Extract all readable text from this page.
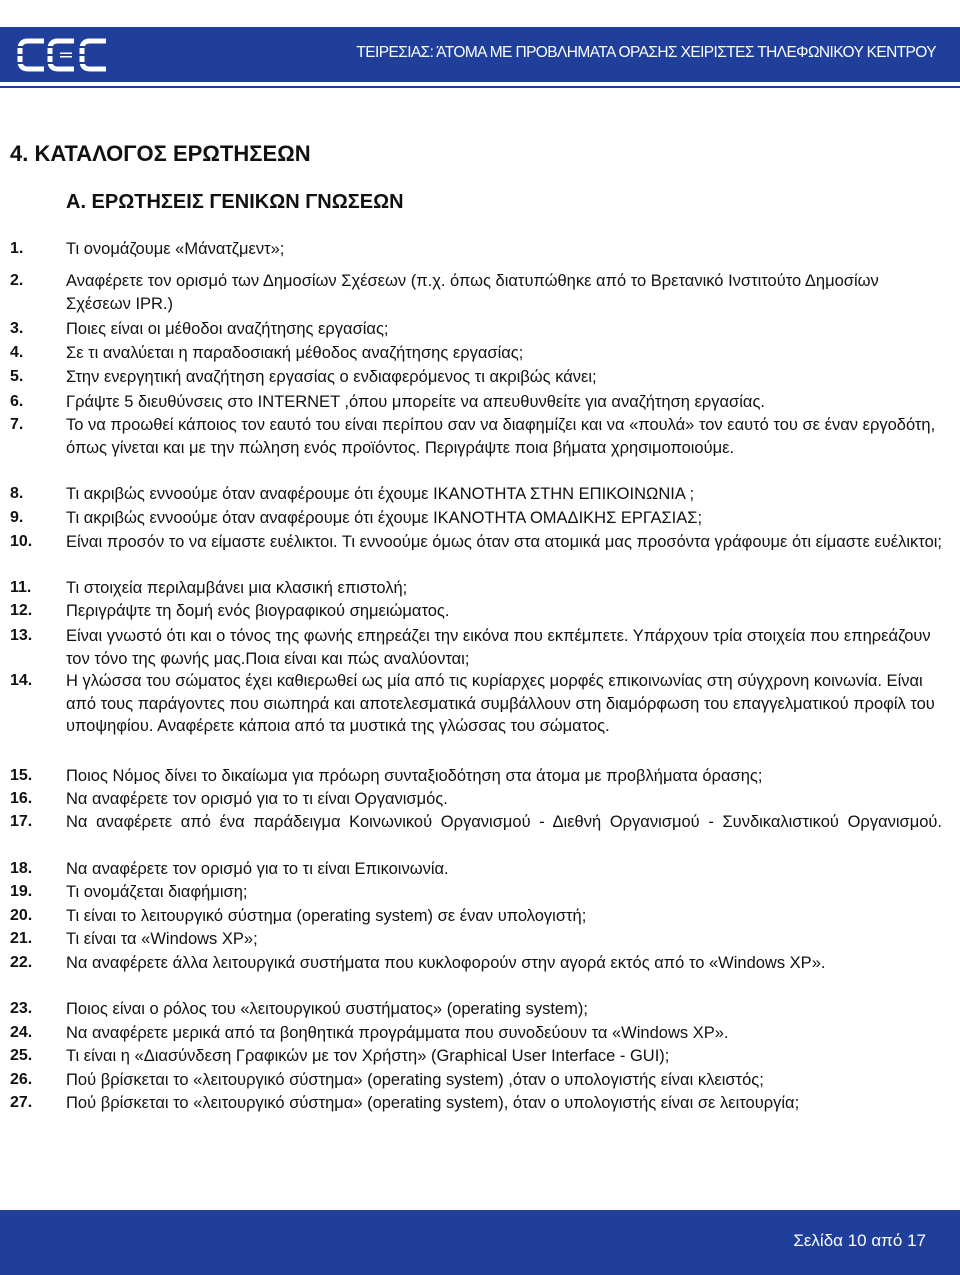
ΤΕΙΡΕΣΙΑΣ: ΆΤΟΜΑ ΜΕ ΠΡΟΒΛΗΜΑΤΑ ΟΡΑΣΗΣ ΧΕΙΡΙΣΤΕΣ ΤΗΛΕΦΩΝΙΚΟΥ ΚΕΝΤΡΟΥ
4. ΚΑΤΑΛΟΓΟΣ ΕΡΩΤΗΣΕΩΝ
Α. ΕΡΩΤΗΣΕΙΣ ΓΕΝΙΚΩΝ ΓΝΩΣΕΩΝ
1.	Τι ονομάζουμε «Μάνατζμεντ»;
2.	Αναφέρετε τον ορισμό των Δημοσίων Σχέσεων (π.χ. όπως διατυπώθηκε από το Βρετανικό Ινστιτούτο Δημοσίων Σχέσεων IPR.)
3.	Ποιες είναι οι μέθοδοι αναζήτησης εργασίας;
4.	Σε τι αναλύεται η παραδοσιακή μέθοδος αναζήτησης εργασίας;
5.	Στην ενεργητική αναζήτηση εργασίας ο ενδιαφερόμενος τι ακριβώς κάνει;
6.	Γράψτε 5 διευθύνσεις στο INTERNET ,όπου μπορείτε να απευθυνθείτε για αναζήτηση εργασίας.
7.	Το να προωθεί κάποιος τον εαυτό του είναι περίπου σαν να διαφημίζει και να «πουλά» τον εαυτό του σε έναν εργοδότη, όπως γίνεται και με την πώληση ενός προϊόντος. Περιγράψτε ποια βήματα χρησιμοποιούμε.
8.	Τι ακριβώς εννοούμε όταν αναφέρουμε ότι έχουμε ΙΚΑΝΟΤΗΤΑ ΣΤΗΝ ΕΠΙΚΟΙΝΩΝΙΑ ;
9.	Τι ακριβώς εννοούμε όταν αναφέρουμε ότι έχουμε ΙΚΑΝΟΤΗΤΑ ΟΜΑΔΙΚΗΣ ΕΡΓΑΣΙΑΣ;
10. Είναι προσόν το να είμαστε ευέλικτοι. Τι εννοούμε όμως όταν στα ατομικά μας προσόντα γράφουμε ότι είμαστε ευέλικτοι;
11. Τι στοιχεία περιλαμβάνει μια κλασική επιστολή;
12. Περιγράψτε τη δομή ενός βιογραφικού σημειώματος.
13. Είναι γνωστό ότι και ο τόνος της φωνής επηρεάζει την εικόνα που εκπέμπετε. Υπάρχουν τρία στοιχεία που επηρεάζουν τον τόνο της φωνής μας.Ποια είναι και πώς αναλύονται;
14. Η γλώσσα του σώματος έχει καθιερωθεί ως μία από τις κυρίαρχες μορφές επικοινωνίας στη σύγχρονη κοινωνία. Είναι από τους παράγοντες που σιωπηρά και αποτελεσματικά συμβάλλουν στη διαμόρφωση του επαγγελματικού προφίλ του υποψηφίου. Αναφέρετε κάποια από τα μυστικά της γλώσσας του σώματος.
15. Ποιος Νόμος δίνει το δικαίωμα για πρόωρη συνταξιοδότηση στα άτομα με προβλήματα όρασης;
16. Να αναφέρετε τον ορισμό για το τι είναι Οργανισμός.
17. Να αναφέρετε από ένα παράδειγμα Κοινωνικού Οργανισμού - Διεθνή Οργανισμού - Συνδικαλιστικού Οργανισμού.
18. Να αναφέρετε τον ορισμό για το τι είναι Επικοινωνία.
19. Τι ονομάζεται διαφήμιση;
20. Τι είναι το λειτουργικό σύστημα (operating system) σε έναν υπολογιστή;
21. Τι είναι τα «Windows XP»;
22. Να αναφέρετε άλλα λειτουργικά συστήματα που κυκλοφορούν στην αγορά εκτός από το «Windows XP».
23. Ποιος είναι ο ρόλος του «λειτουργικού συστήματος» (operating system);
24. Να αναφέρετε μερικά από τα βοηθητικά προγράμματα που συνοδεύουν τα «Windows XP».
25. Τι είναι η «Διασύνδεση Γραφικών με τον Χρήστη» (Graphical User Interface - GUI);
26. Πού βρίσκεται το «λειτουργικό σύστημα» (operating system) ,όταν ο υπολογιστής είναι κλειστός;
27. Πού βρίσκεται το «λειτουργικό σύστημα» (operating system), όταν ο υπολογιστής είναι σε λειτουργία;
Σελίδα 10 από 17
